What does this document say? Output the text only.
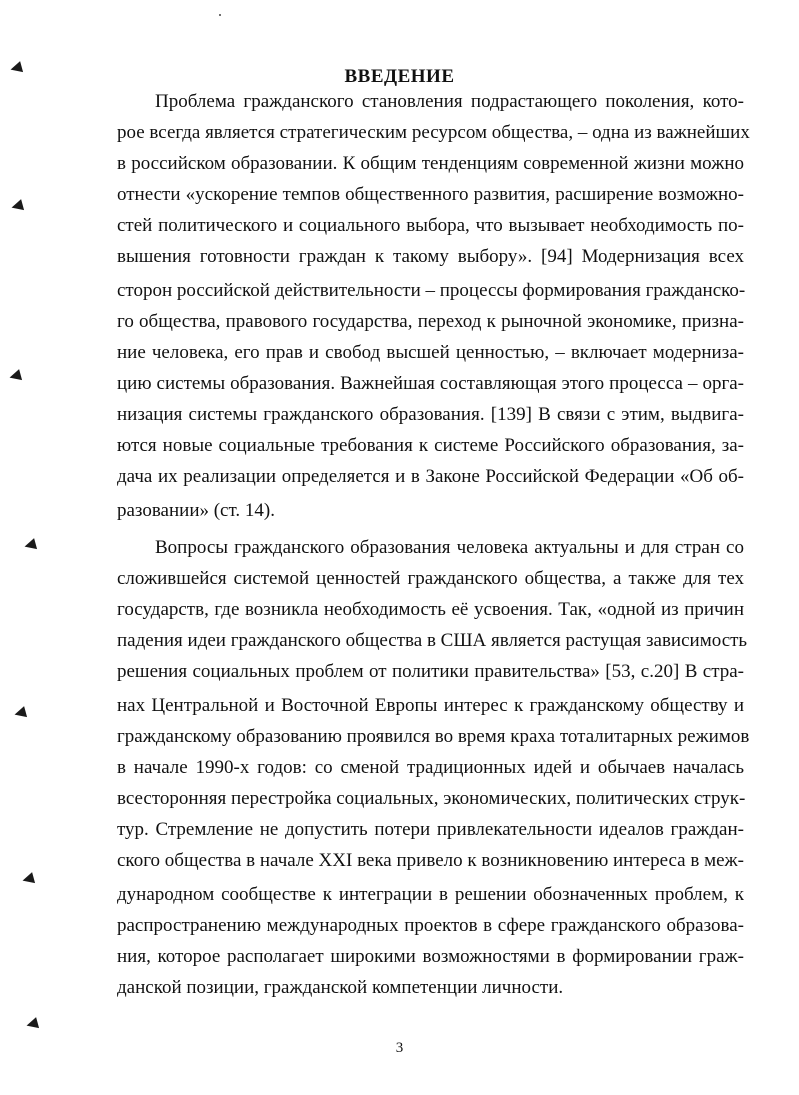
◀
◀
◀
◀
◀
◀
◀
ВВЕДЕНИЕ
Проблема гражданского становления подрастающего поколения, кото-
рое всегда является стратегическим ресурсом общества, – одна из важнейших
в российском образовании. К общим тенденциям современной жизни можно
отнести «ускорение темпов общественного развития, расширение возможно-
стей политического и социального выбора, что вызывает необходимость по-
вышения готовности граждан к такому выбору». [94] Модернизация всех
сторон российской действительности – процессы формирования гражданско-
го общества, правового государства, переход к рыночной экономике, призна-
ние человека, его прав и свобод высшей ценностью, – включает модерниза-
цию системы образования. Важнейшая составляющая этого процесса – орга-
низация системы гражданского образования. [139] В связи с этим, выдвига-
ются новые социальные требования к системе Российского образования, за-
дача их реализации определяется и в Законе Российской Федерации «Об об-
разовании» (ст. 14).
Вопросы гражданского образования человека актуальны и для стран со
сложившейся системой ценностей гражданского общества, а также для тех
государств, где возникла необходимость её усвоения. Так, «одной из причин
падения идеи гражданского общества в США является растущая зависимость
решения социальных проблем от политики правительства» [53, с.20] В стра-
нах Центральной и Восточной Европы интерес к гражданскому обществу и
гражданскому образованию проявился во время краха тоталитарных режимов
в начале 1990-х годов: со сменой традиционных идей и обычаев началась
всесторонняя перестройка социальных, экономических, политических струк-
тур. Стремление не допустить потери привлекательности идеалов граждан-
ского общества в начале XXI века привело к возникновению интереса в меж-
дународном сообществе к интеграции в решении обозначенных проблем, к
распространению международных проектов в сфере гражданского образова-
ния, которое располагает широкими возможностями в формировании граж-
данской позиции, гражданской компетенции личности.
3
